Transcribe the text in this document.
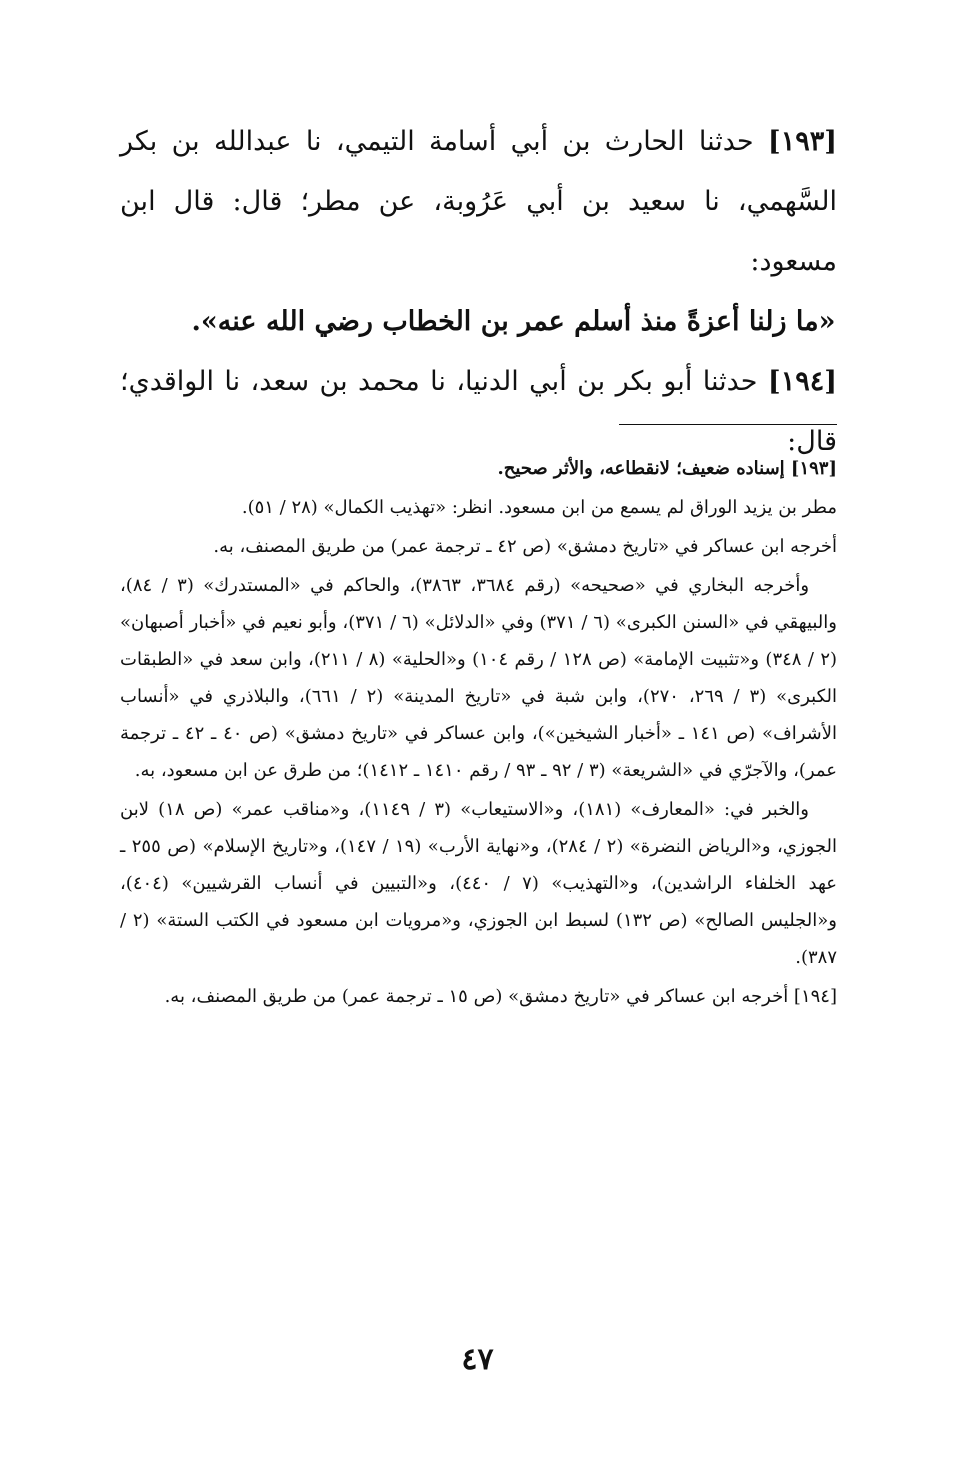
[١٩٣] حدثنا الحارث بن أبي أسامة التيمي، نا عبدالله بن بكر السَّهمي، نا سعيد بن أبي عَرُوبة، عن مطر؛ قال: قال ابن مسعود:

«ما زلنا أعزةً منذ أسلم عمر بن الخطاب رضي الله عنه».

[١٩٤] حدثنا أبو بكر بن أبي الدنيا، نا محمد بن سعد، نا الواقدي؛ قال:

[١٩٣] إسناده ضعيف؛ لانقطاعه، والأثر صحيح.

مطر بن يزيد الوراق لم يسمع من ابن مسعود. انظر: «تهذيب الكمال» (٢٨ / ٥١).

أخرجه ابن عساكر في «تاريخ دمشق» (ص ٤٢ ـ ترجمة عمر) من طريق المصنف، به.

وأخرجه البخاري في «صحيحه» (رقم ٣٦٨٤، ٣٨٦٣)، والحاكم في «المستدرك» (٣ / ٨٤)، والبيهقي في «السنن الكبرى» (٦ / ٣٧١) وفي «الدلائل» (٦ / ٣٧١)، وأبو نعيم في «أخبار أصبهان» (٢ / ٣٤٨) و«تثبيت الإمامة» (ص ١٢٨ / رقم ١٠٤) و«الحلية» (٨ / ٢١١)، وابن سعد في «الطبقات الكبرى» (٣ / ٢٦٩، ٢٧٠)، وابن شبة في «تاريخ المدينة» (٢ / ٦٦١)، والبلاذري في «أنساب الأشراف» (ص ١٤١ ـ «أخبار الشيخين»)، وابن عساكر في «تاريخ دمشق» (ص ٤٠ ـ ٤٢ ـ ترجمة عمر)، والآجرّي في «الشريعة» (٣ / ٩٢ ـ ٩٣ / رقم ١٤١٠ ـ ١٤١٢)؛ من طرق عن ابن مسعود، به.

والخبر في: «المعارف» (١٨١)، و«الاستيعاب» (٣ / ١١٤٩)، و«مناقب عمر» (ص ١٨) لابن الجوزي، و«الرياض النضرة» (٢ / ٢٨٤)، و«نهاية الأرب» (١٩ / ١٤٧)، و«تاريخ الإسلام» (ص ٢٥٥ ـ عهد الخلفاء الراشدين)، و«التهذيب» (٧ / ٤٤٠)، و«التبيين في أنساب القرشيين» (٤٠٤)، و«الجليس الصالح» (ص ١٣٢) لسبط ابن الجوزي، و«مرويات ابن مسعود في الكتب الستة» (٢ / ٣٨٧).

[١٩٤] أخرجه ابن عساكر في «تاريخ دمشق» (ص ١٥ ـ ترجمة عمر) من طريق المصنف، به.

٤٧
